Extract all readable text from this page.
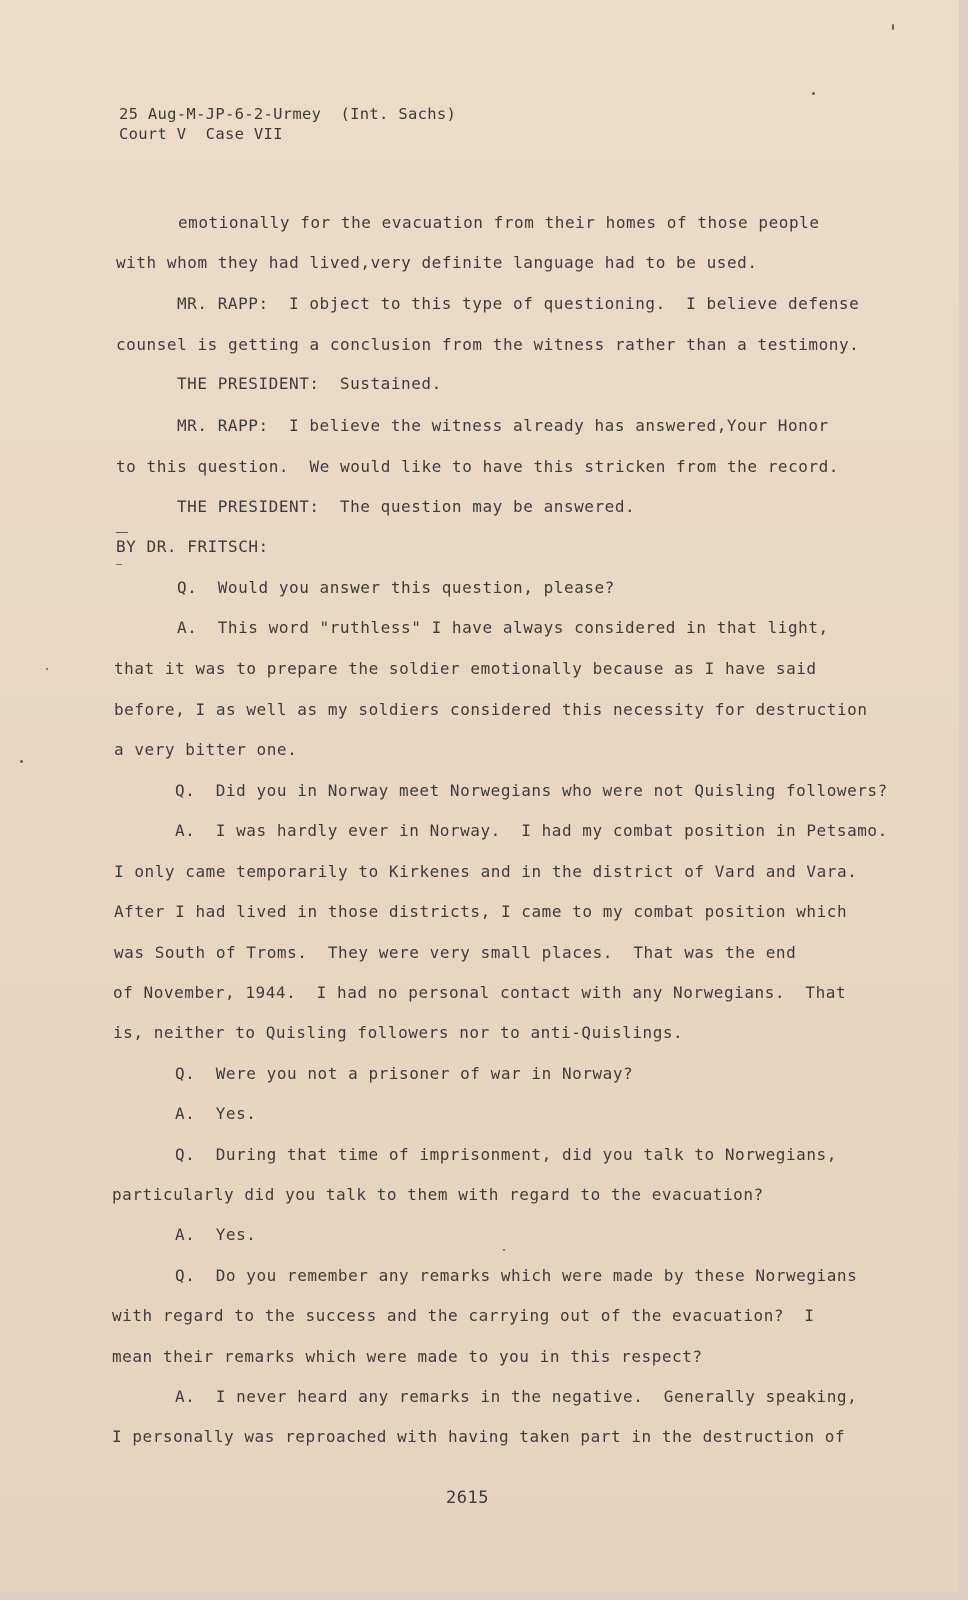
25 Aug-M-JP-6-2-Urmey  (Int. Sachs)
Court V  Case VII
emotionally for the evacuation from their homes of those people
with whom they had lived,very definite language had to be used.
MR. RAPP:  I object to this type of questioning.  I believe defense
counsel is getting a conclusion from the witness rather than a testimony.
THE PRESIDENT:  Sustained.
MR. RAPP:  I believe the witness already has answered,Your Honor
to this question.  We would like to have this stricken from the record.
THE PRESIDENT:  The question may be answered.
BY DR. FRITSCH:
Q.  Would you answer this question, please?
A.  This word "ruthless" I have always considered in that light,
that it was to prepare the soldier emotionally because as I have said
before, I as well as my soldiers considered this necessity for destruction
a very bitter one.
Q.  Did you in Norway meet Norwegians who were not Quisling followers?
A.  I was hardly ever in Norway.  I had my combat position in Petsamo.
I only came temporarily to Kirkenes and in the district of Vard and Vara.
After I had lived in those districts, I came to my combat position which
was South of Troms.  They were very small places.  That was the end
of November, 1944.  I had no personal contact with any Norwegians.  That
is, neither to Quisling followers nor to anti-Quislings.
Q.  Were you not a prisoner of war in Norway?
A.  Yes.
Q.  During that time of imprisonment, did you talk to Norwegians,
particularly did you talk to them with regard to the evacuation?
A.  Yes.
Q.  Do you remember any remarks which were made by these Norwegians
with regard to the success and the carrying out of the evacuation?  I
mean their remarks which were made to you in this respect?
A.  I never heard any remarks in the negative.  Generally speaking,
I personally was reproached with having taken part in the destruction of
2615
